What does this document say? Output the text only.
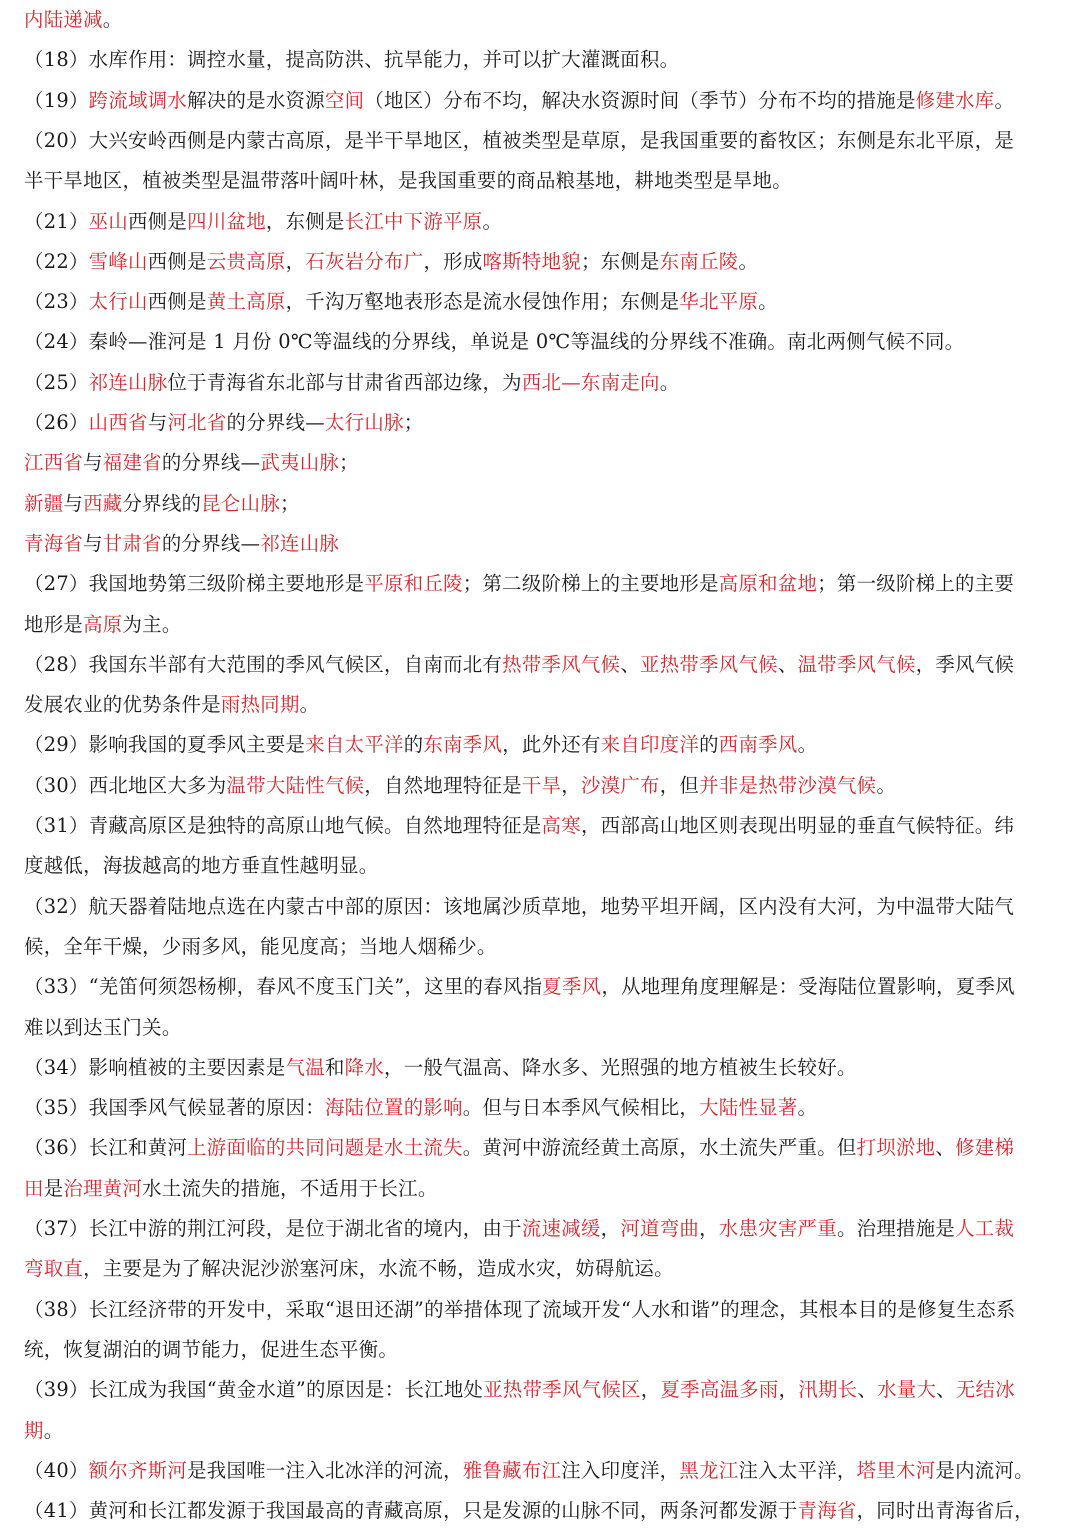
内陆递减。
（18）水库作用：调控水量，提高防洪、抗旱能力，并可以扩大灌溉面积。
（19）跨流域调水解决的是水资源空间（地区）分布不均，解决水资源时间（季节）分布不均的措施是修建水库。
（20）大兴安岭西侧是内蒙古高原，是半干旱地区，植被类型是草原，是我国重要的畜牧区；东侧是东北平原，是
半干旱地区，植被类型是温带落叶阔叶林，是我国重要的商品粮基地，耕地类型是旱地。
（21）巫山西侧是四川盆地，东侧是长江中下游平原。
（22）雪峰山西侧是云贵高原，石灰岩分布广，形成喀斯特地貌；东侧是东南丘陵。
（23）太行山西侧是黄土高原，千沟万壑地表形态是流水侵蚀作用；东侧是华北平原。
（24）秦岭—淮河是 1 月份 0℃等温线的分界线，单说是 0℃等温线的分界线不准确。南北两侧气候不同。
（25）祁连山脉位于青海省东北部与甘肃省西部边缘，为西北—东南走向。
（26）山西省与河北省的分界线—太行山脉；
江西省与福建省的分界线—武夷山脉；
新疆与西藏分界线的昆仑山脉；
青海省与甘肃省的分界线—祁连山脉
（27）我国地势第三级阶梯主要地形是平原和丘陵；第二级阶梯上的主要地形是高原和盆地；第一级阶梯上的主要
地形是高原为主。
（28）我国东半部有大范围的季风气候区，自南而北有热带季风气候、亚热带季风气候、温带季风气候，季风气候
发展农业的优势条件是雨热同期。
（29）影响我国的夏季风主要是来自太平洋的东南季风，此外还有来自印度洋的西南季风。
（30）西北地区大多为温带大陆性气候，自然地理特征是干旱，沙漠广布，但并非是热带沙漠气候。
（31）青藏高原区是独特的高原山地气候。自然地理特征是高寒，西部高山地区则表现出明显的垂直气候特征。纬
度越低，海拔越高的地方垂直性越明显。
（32）航天器着陆地点选在内蒙古中部的原因：该地属沙质草地，地势平坦开阔，区内没有大河，为中温带大陆气
候，全年干燥，少雨多风，能见度高；当地人烟稀少。
（33）“羌笛何须怨杨柳，春风不度玉门关”，这里的春风指夏季风，从地理角度理解是：受海陆位置影响，夏季风
难以到达玉门关。
（34）影响植被的主要因素是气温和降水，一般气温高、降水多、光照强的地方植被生长较好。
（35）我国季风气候显著的原因：海陆位置的影响。但与日本季风气候相比，大陆性显著。
（36）长江和黄河上游面临的共同问题是水土流失。黄河中游流经黄土高原，水土流失严重。但打坝淤地、修建梯
田是治理黄河水土流失的措施，不适用于长江。
（37）长江中游的荆江河段，是位于湖北省的境内，由于流速减缓，河道弯曲，水患灾害严重。治理措施是人工裁
弯取直，主要是为了解决泥沙淤塞河床，水流不畅，造成水灾，妨碍航运。
（38）长江经济带的开发中，采取“退田还湖”的举措体现了流域开发“人水和谐”的理念，其根本目的是修复生态系
统，恢复湖泊的调节能力，促进生态平衡。
（39）长江成为我国“黄金水道”的原因是：长江地处亚热带季风气候区，夏季高温多雨，汛期长、水量大、无结冰
期。
（40）额尔齐斯河是我国唯一注入北冰洋的河流，雅鲁藏布江注入印度洋，黑龙江注入太平洋，塔里木河是内流河。
（41）黄河和长江都发源于我国最高的青藏高原，只是发源的山脉不同，两条河都发源于青海省，同时出青海省后，
